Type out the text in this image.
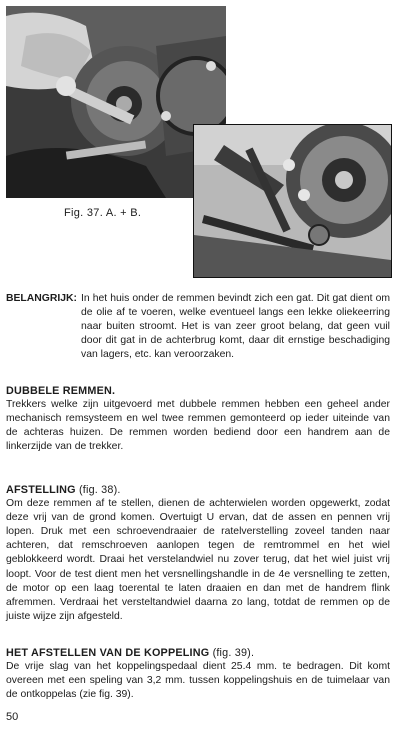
Fig. 37. A. + B.
BELANGRIJK: In het huis onder de remmen bevindt zich een gat. Dit gat dient om de olie af te voeren, welke eventueel langs een lekke oliekeerring naar buiten stroomt. Het is van zeer groot belang, dat geen vuil door dit gat in de achterbrug komt, daar dit ernstige beschadiging van lagers, etc. kan veroorzaken.
DUBBELE REMMEN.
Trekkers welke zijn uitgevoerd met dubbele remmen hebben een geheel ander mechanisch remsysteem en wel twee remmen gemonteerd op ieder uiteinde van de achteras huizen. De remmen worden bediend door een handrem aan de linkerzijde van de trekker.
AFSTELLING (fig. 38).
Om deze remmen af te stellen, dienen de achterwielen worden opgewerkt, zodat deze vrij van de grond komen. Overtuigt U ervan, dat de assen en pennen vrij lopen. Druk met een schroevendraaier de ratelverstelling zoveel tanden naar achteren, dat remschroeven aanlopen tegen de remtrommel en het wiel geblokkeerd wordt. Draai het verstelandwiel nu zover terug, dat het wiel juist vrij loopt. Voor de test dient men het versnellingshandle in de 4e versnelling te zetten, de motor op een laag toerental te laten draaien en dan met de handrem flink afremmen. Verdraai het versteltandwiel daarna zo lang, totdat de remmen op de juiste wijze zijn afgesteld.
HET AFSTELLEN VAN DE KOPPELING (fig. 39).
De vrije slag van het koppelingspedaal dient 25.4 mm. te bedragen. Dit komt overeen met een speling van 3,2 mm. tussen koppelingshuis en de tuimelaar van de ontkoppelas (zie fig. 39).
50
